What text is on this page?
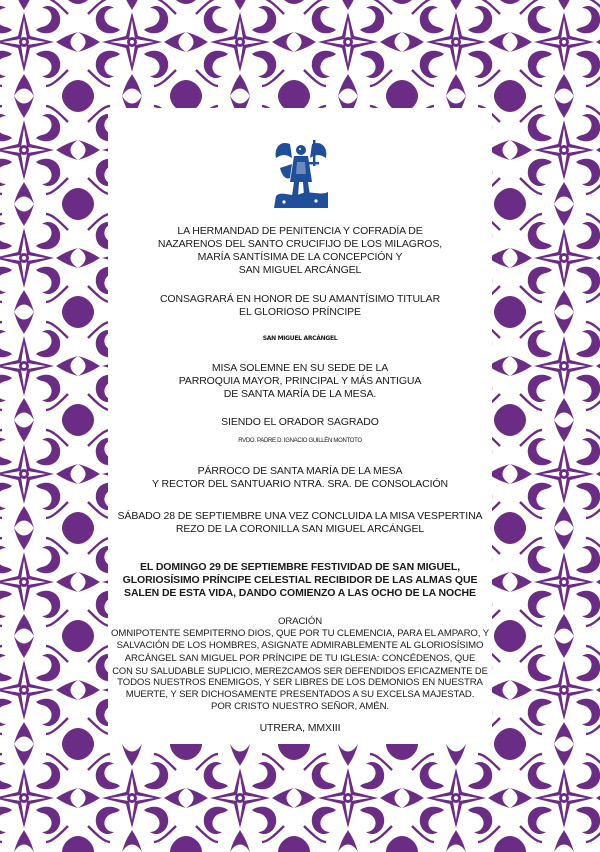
LA HERMANDAD DE PENITENCIA Y COFRADÍA DE
NAZARENOS DEL SANTO CRUCIFIJO DE LOS MILAGROS,
MARÍA SANTÍSIMA DE LA CONCEPCIÓN Y
SAN MIGUEL ARCÁNGEL
CONSAGRARÁ EN HONOR DE SU AMANTÍSIMO TITULAR
EL GLORIOSO PRÍNCIPE
SAN MIGUEL ARCÁNGEL
MISA SOLEMNE EN SU SEDE DE LA
PARROQUIA MAYOR, PRINCIPAL Y MÁS ANTIGUA
DE SANTA MARÍA DE LA MESA.
SIENDO EL ORADOR SAGRADO
RVDO. PADRE D. IGNACIO GUILLÉN MONTOTO
PÁRROCO DE SANTA MARÍA DE LA MESA
Y RECTOR DEL SANTUARIO NTRA. SRA. DE CONSOLACIÓN
SÁBADO 28 DE SEPTIEMBRE UNA VEZ CONCLUIDA LA MISA VESPERTINA
REZO DE LA CORONILLA SAN MIGUEL ARCÁNGEL
EL DOMINGO 29 DE SEPTIEMBRE FESTIVIDAD DE SAN MIGUEL,
GLORIOSÍSIMO PRÍNCIPE CELESTIAL RECIBIDOR DE LAS ALMAS QUE
SALEN DE ESTA VIDA, DANDO COMIENZO A LAS OCHO DE LA NOCHE
ORACIÓN
OMNIPOTENTE SEMPITERNO DIOS, QUE POR TU CLEMENCIA, PARA EL AMPARO, Y
SALVACIÓN DE LOS HOMBRES, ASIGNATE ADMIRABLEMENTE AL GLORIOSÍSIMO
ARCÁNGEL SAN MIGUEL POR PRÍNCIPE DE TU IGLESIA: CONCÉDENOS, QUE
CON SU SALUDABLE SUPLICIO, MEREZCAMOS SER DEFENDIDOS EFICAZMENTE DE
TODOS NUESTROS ENEMIGOS, Y SER LIBRES DE LOS DEMONIOS EN NUESTRA
MUERTE, Y SER DICHOSAMENTE PRESENTADOS A SU EXCELSA MAJESTAD.
POR CRISTO NUESTRO SEÑOR, AMÉN.
UTRERA, MMXIII
